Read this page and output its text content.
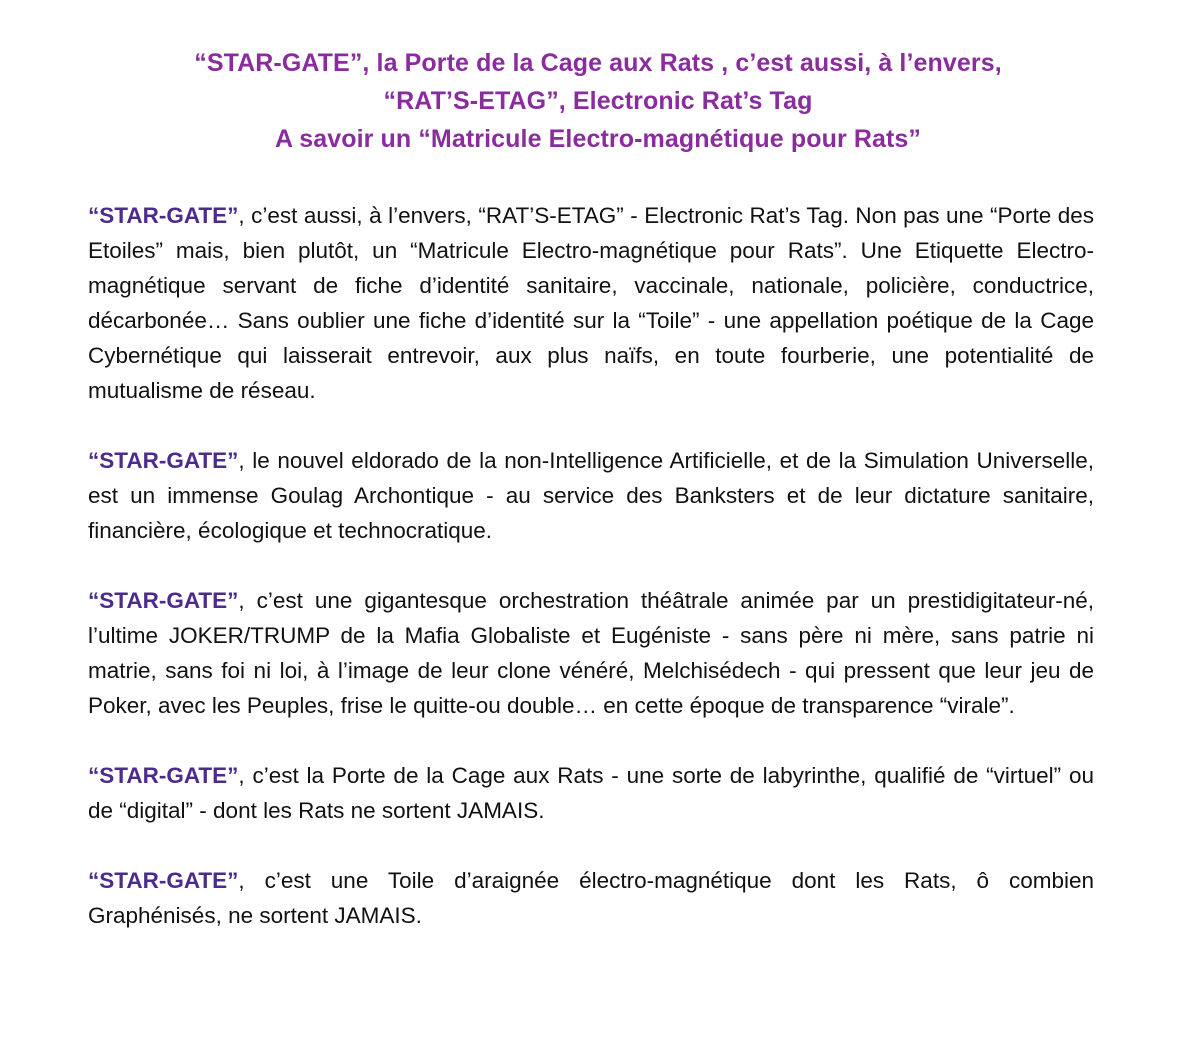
“STAR-GATE”, la Porte de la Cage aux Rats , c’est aussi, à l’envers,
“RAT’S-ETAG”, Electronic Rat’s Tag
A savoir un “Matricule Electro-magnétique pour Rats”

“STAR-GATE”, c’est aussi, à l’envers, “RAT’S-ETAG” - Electronic Rat’s Tag. Non pas une “Porte des Etoiles” mais, bien plutôt, un “Matricule Electro-magnétique pour Rats”. Une Etiquette Electro-magnétique servant de fiche d’identité sanitaire, vaccinale, nationale, policière, conductrice, décarbonée… Sans oublier une fiche d’identité sur la “Toile” - une appellation poétique de la Cage Cybernétique qui laisserait entrevoir, aux plus naïfs, en toute fourberie, une potentialité de mutualisme de réseau.

“STAR-GATE”, le nouvel eldorado de la non-Intelligence Artificielle, et de la Simulation Universelle, est un immense Goulag Archontique - au service des Banksters et de leur dictature sanitaire, financière, écologique et technocratique.

“STAR-GATE”, c’est une gigantesque orchestration théâtrale animée par un prestidigitateur-né, l’ultime JOKER/TRUMP de la Mafia Globaliste et Eugéniste - sans père ni mère, sans patrie ni matrie, sans foi ni loi, à l’image de leur clone vénéré, Melchisédech - qui pressent que leur jeu de Poker, avec les Peuples, frise le quitte-ou double… en cette époque de transparence “virale”.

“STAR-GATE”, c’est la Porte de la Cage aux Rats - une sorte de labyrinthe, qualifié de “virtuel” ou de “digital” - dont les Rats ne sortent JAMAIS.

“STAR-GATE”, c’est une Toile d’araignée électro-magnétique dont les Rats, ô combien Graphénisés, ne sortent JAMAIS.
